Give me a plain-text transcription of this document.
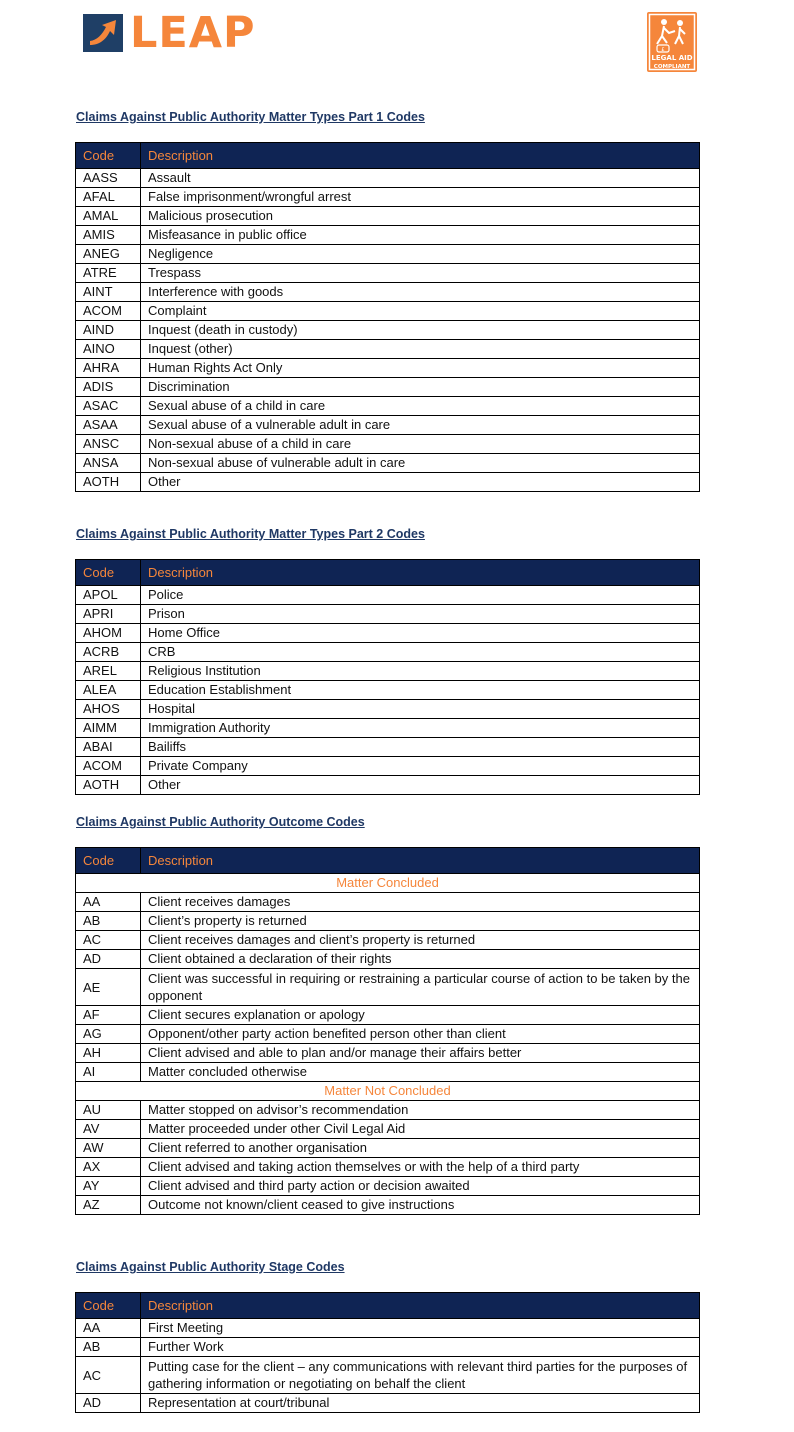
LEAP	£
LEGAL AID
COMPLIANT
Claims Against Public Authority Matter Types Part 1 Codes
Code	Description
AASS	Assault
AFAL	False imprisonment/wrongful arrest
AMAL	Malicious prosecution
AMIS	Misfeasance in public office
ANEG	Negligence
ATRE	Trespass
AINT	Interference with goods
ACOM	Complaint
AIND	Inquest (death in custody)
AINO	Inquest (other)
AHRA	Human Rights Act Only
ADIS	Discrimination
ASAC	Sexual abuse of a child in care
ASAA	Sexual abuse of a vulnerable adult in care
ANSC	Non-sexual abuse of a child in care
ANSA	Non-sexual abuse of vulnerable adult in care
AOTH	Other
Claims Against Public Authority Matter Types Part 2 Codes
Code	Description
APOL	Police
APRI	Prison
AHOM	Home Office
ACRB	CRB
AREL	Religious Institution
ALEA	Education Establishment
AHOS	Hospital
AIMM	Immigration Authority
ABAI	Bailiffs
ACOM	Private Company
AOTH	Other
Claims Against Public Authority Outcome Codes
Code	Description
Matter Concluded	
AA	Client receives damages
AB	Client’s property is returned
AC	Client receives damages and client’s property is returned
AD	Client obtained a declaration of their rights
AE	Client was successful in requiring or restraining a particular course of action to be taken by the opponent
AF	Client secures explanation or apology
AG	Opponent/other party action benefited person other than client
AH	Client advised and able to plan and/or manage their affairs better
AI	Matter concluded otherwise
Matter Not Concluded	
AU	Matter stopped on advisor’s recommendation
AV	Matter proceeded under other Civil Legal Aid
AW	Client referred to another organisation
AX	Client advised and taking action themselves or with the help of a third party
AY	Client advised and third party action or decision awaited
AZ	Outcome not known/client ceased to give instructions
Claims Against Public Authority Stage Codes
Code	Description
AA	First Meeting
AB	Further Work
AC	Putting case for the client – any communications with relevant third parties for the purposes of gathering information or negotiating on behalf the client
AD	Representation at court/tribunal
